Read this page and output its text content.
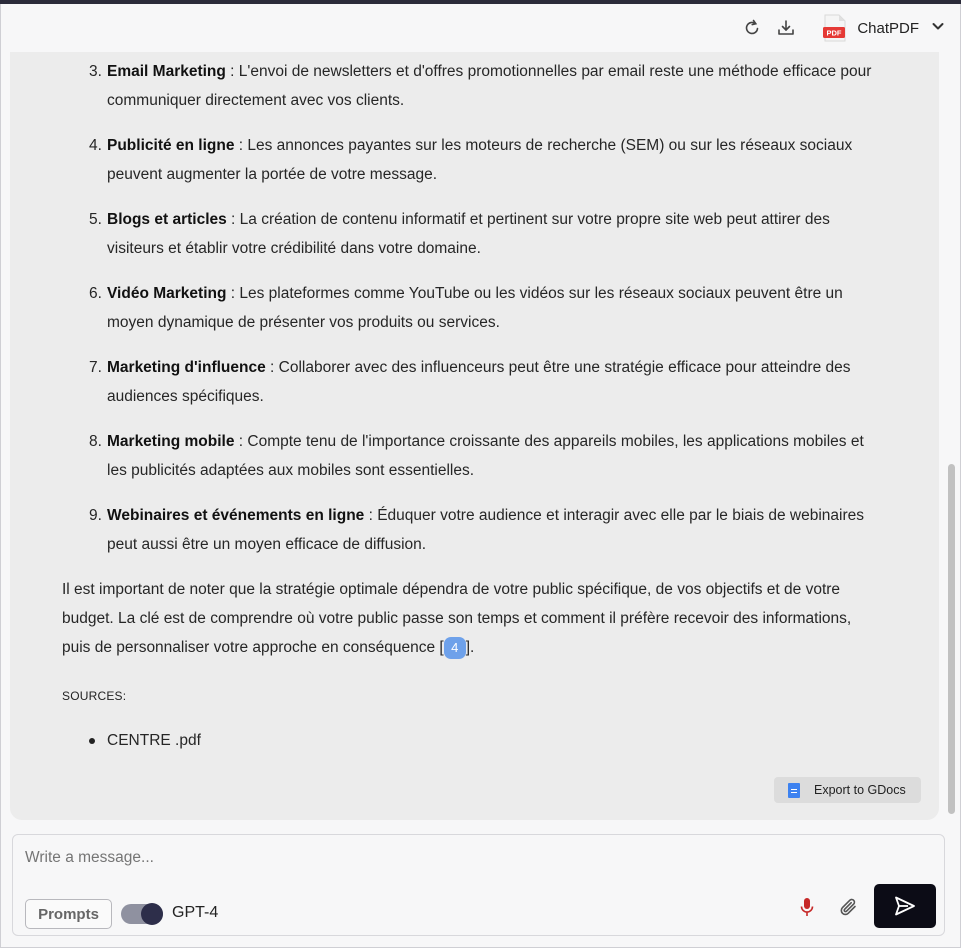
PDF ChatPDF
3. Email Marketing : L'envoi de newsletters et d'offres promotionnelles par email reste une méthode efficace pour communiquer directement avec vos clients.
4. Publicité en ligne : Les annonces payantes sur les moteurs de recherche (SEM) ou sur les réseaux sociaux peuvent augmenter la portée de votre message.
5. Blogs et articles : La création de contenu informatif et pertinent sur votre propre site web peut attirer des visiteurs et établir votre crédibilité dans votre domaine.
6. Vidéo Marketing : Les plateformes comme YouTube ou les vidéos sur les réseaux sociaux peuvent être un moyen dynamique de présenter vos produits ou services.
7. Marketing d'influence : Collaborer avec des influenceurs peut être une stratégie efficace pour atteindre des audiences spécifiques.
8. Marketing mobile : Compte tenu de l'importance croissante des appareils mobiles, les applications mobiles et les publicités adaptées aux mobiles sont essentielles.
9. Webinaires et événements en ligne : Éduquer votre audience et interagir avec elle par le biais de webinaires peut aussi être un moyen efficace de diffusion.

Il est important de noter que la stratégie optimale dépendra de votre public spécifique, de vos objectifs et de votre budget. La clé est de comprendre où votre public passe son temps et comment il préfère recevoir des informations, puis de personnaliser votre approche en conséquence [ 4 ].

SOURCES:
CENTRE .pdf
Export to GDocs
Write a message...
Prompts	GPT-4
